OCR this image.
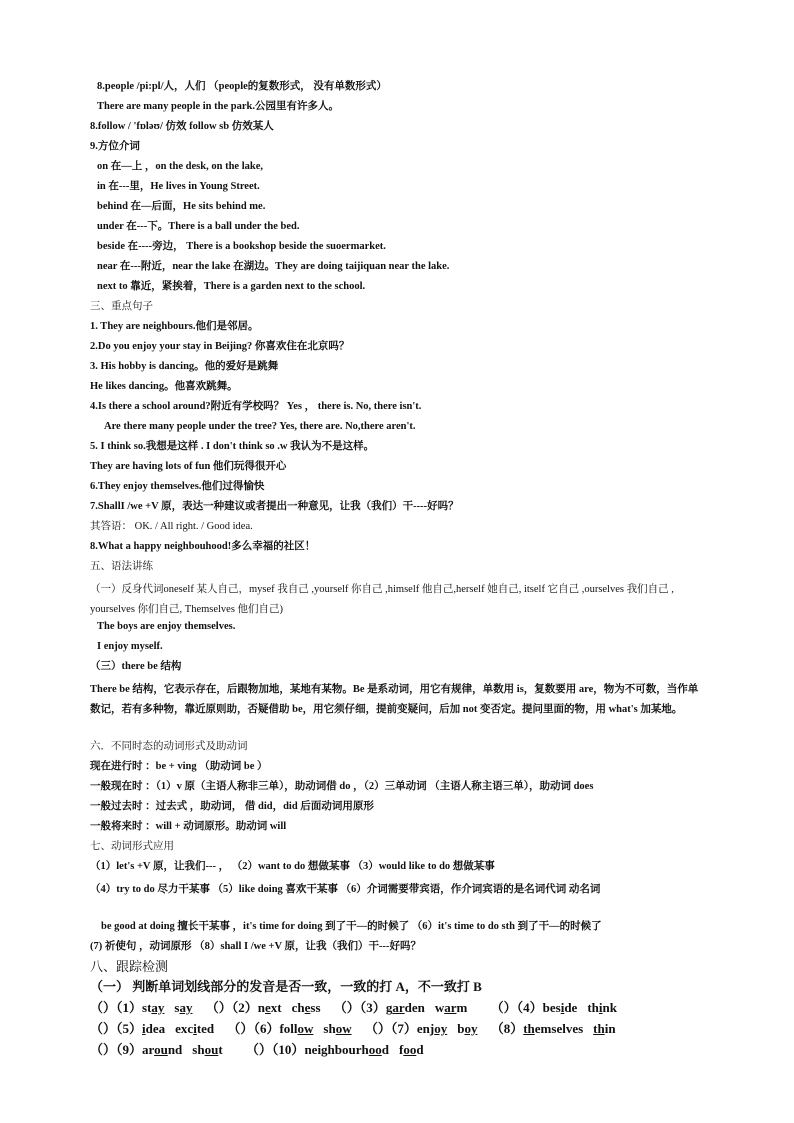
8.people /pi:pl/人，人们 （people的复数形式， 没有单数形式）
There are many people in the park.公园里有许多人。
8.follow / 'fɒləʊ/ 仿效 follow sb 仿效某人
9.方位介词
on 在—上 ，on the desk, on the lake,
in 在---里，He lives in Young Street.
behind 在—后面，He sits behind me.
under 在---下。There is a ball under the bed.
beside 在----旁边， There is a bookshop beside the suoermarket.
near 在---附近，near the lake 在湖边。They are doing taijiquan near the lake.
next to 靠近，紧挨着，There is a garden next to the school.
三、重点句子
1. They are neighbours.他们是邻居。
2.Do you enjoy your stay in Beijing? 你喜欢住在北京吗？
3. His hobby is dancing。他的爱好是跳舞
He likes dancing。他喜欢跳舞。
4.Is there a school around?附近有学校吗？ Yes ， there is. No, there isn't.
Are there many people under the tree? Yes, there are. No,there aren't.
5. I think so.我想是这样 . I don't think so .w 我认为不是这样。
They are having lots of fun 他们玩得很开心
6.They enjoy themselves.他们过得愉快
7.ShallI /we +V 原，表达一种建议或者提出一种意见，让我（我们）干----好吗？
其答语： OK. / All right. / Good idea.
8.What a happy neighbouhood!多么幸福的社区！
五、语法讲练
（一）反身代词oneself 某人自己，mysef 我自己 ,yourself 你自己 ,himself 他自己,herself 她自己, itself 它自己 ,ourselves 我们自己 , yourselves 你们自己, Themselves 他们自己)
The boys are enjoy themselves.
I enjoy myself.
（三）there be 结构
There be 结构，它表示存在，后跟物加地，某地有某物。Be 是系动词，用它有规律，单数用 is，复数要用 are，物为不可数，当作单数记，若有多种物，靠近原则助，否疑借助 be，用它须仔细，提前变疑问，后加 not 变否定。提问里面的物，用 what's 加某地。
六．不同时态的动词形式及助动词
现在进行时 ：be + ving （助动词 be ）
一般现在时 ：（1）v 原（主语人称非三单），助动词借 do ，（2）三单动词 （主语人称主语三单），助动词 does
一般过去时 ：过去式 ，助动词， 借 did，did 后面动词用原形
一般将来时 ：will + 动词原形。助动词 will
七、动词形式应用
（1）let's +V 原，让我们--- ， （2）want to do 想做某事 （3）would like to do 想做某事
（4）try to do 尽力干某事 （5）like doing 喜欢干某事 （6）介词需要带宾语，作介词宾语的是名词代词 动名词
be good at doing 擅长干某事 ，it's time for doing 到了干—的时候了 （6）it's time to do sth 到了干—的时候了
(7) 祈使句 ，动词原形 （8）shall I /we +V 原，让我（我们）干---好吗？
八、跟踪检测
（一） 判断单词划线部分的发音是否一致，一致的打 A，不一致打 B
（）（1）stay say （）（2）next chess （）（3）garden warm （）（4）beside think
（）（5）idea excited （）（6）follow show （）（7）enjoy boy （8）themselves thin
（）（9）around shout （）（10）neighbourhood food
